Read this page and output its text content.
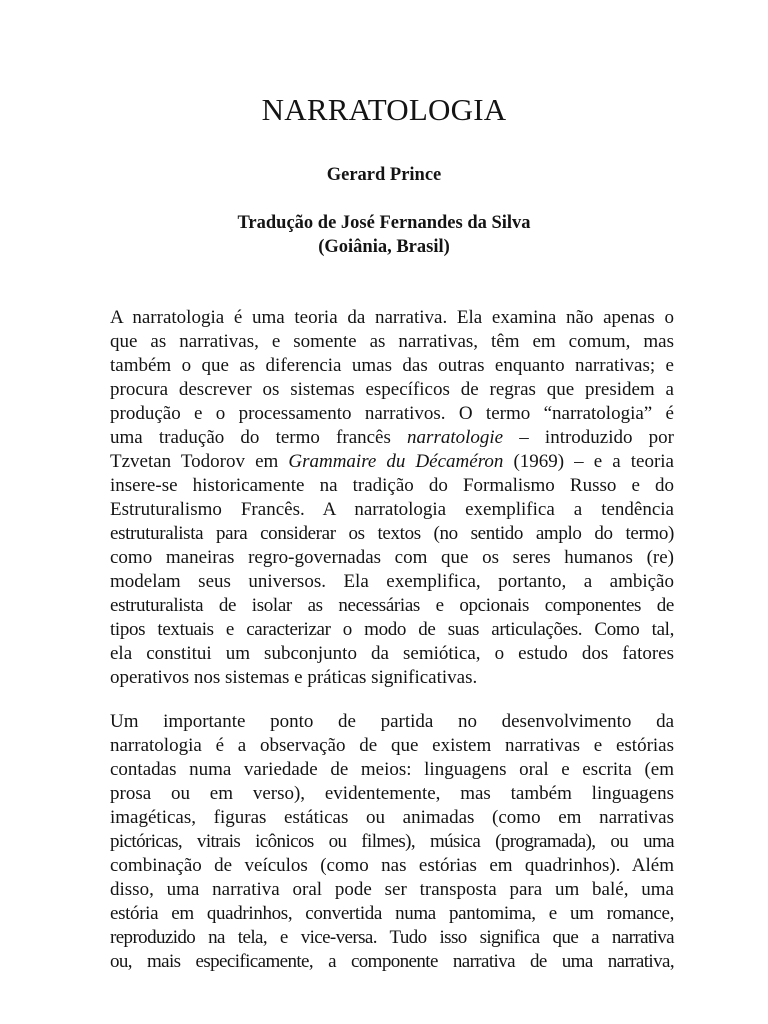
NARRATOLOGIA

Gerard Prince

Tradução de José Fernandes da Silva
(Goiânia, Brasil)

A narratologia é uma teoria da narrativa. Ela examina não apenas o
que as narrativas, e somente as narrativas, têm em comum, mas
também o que as diferencia umas das outras enquanto narrativas; e
procura descrever os sistemas específicos de regras que presidem a
produção e o processamento narrativos. O termo “narratologia” é
uma tradução do termo francês narratologie – introduzido por
Tzvetan Todorov em Grammaire du Décaméron (1969) – e a teoria
insere-se historicamente na tradição do Formalismo Russo e do
Estruturalismo Francês. A narratologia exemplifica a tendência
estruturalista para considerar os textos (no sentido amplo do termo)
como maneiras regro-governadas com que os seres humanos (re)
modelam seus universos. Ela exemplifica, portanto, a ambição
estruturalista de isolar as necessárias e opcionais componentes de
tipos textuais e caracterizar o modo de suas articulações. Como tal,
ela constitui um subconjunto da semiótica, o estudo dos fatores
operativos nos sistemas e práticas significativas.
Um importante ponto de partida no desenvolvimento da
narratologia é a observação de que existem narrativas e estórias
contadas numa variedade de meios: linguagens oral e escrita (em
prosa ou em verso), evidentemente, mas também linguagens
imagéticas, figuras estáticas ou animadas (como em narrativas
pictóricas, vitrais icônicos ou filmes), música (programada), ou uma
combinação de veículos (como nas estórias em quadrinhos). Além
disso, uma narrativa oral pode ser transposta para um balé, uma
estória em quadrinhos, convertida numa pantomima, e um romance,
reproduzido na tela, e vice-versa. Tudo isso significa que a narrativa
ou, mais especificamente, a componente narrativa de uma narrativa,
